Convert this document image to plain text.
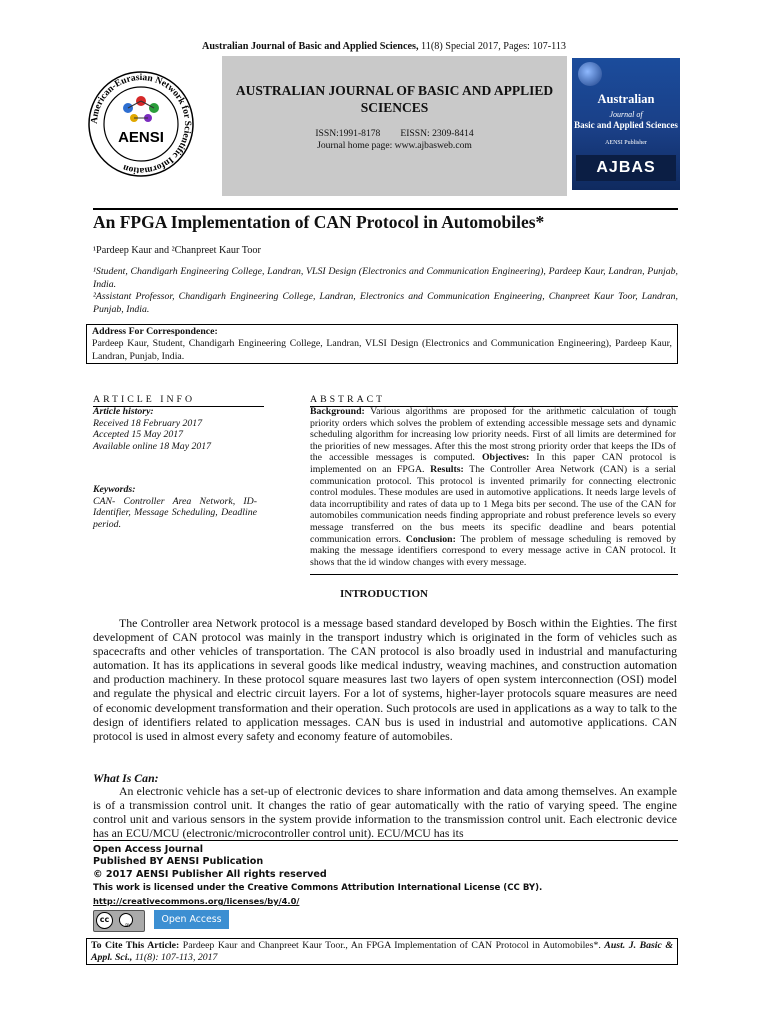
Australian Journal of Basic and Applied Sciences, 11(8) Special 2017, Pages: 107-113
American-Eurasian Network for Scientific Information
AENSI
AUSTRALIAN JOURNAL OF BASIC AND APPLIED SCIENCES
ISSN:1991-8178 EISSN: 2309-8414
Journal home page: www.ajbasweb.com
Australian
Journal of
Basic and Applied Sciences
AENSI Publisher
AJBAS
An FPGA Implementation of CAN Protocol in Automobiles*
¹Pardeep Kaur and ²Chanpreet Kaur Toor
¹Student, Chandigarh Engineering College, Landran, VLSI Design (Electronics and Communication Engineering), Pardeep Kaur, Landran, Punjab, India.
²Assistant Professor, Chandigarh Engineering College, Landran, Electronics and Communication Engineering, Chanpreet Kaur Toor, Landran, Punjab, India.
Address For Correspondence:
Pardeep Kaur, Student, Chandigarh Engineering College, Landran, VLSI Design (Electronics and Communication Engineering), Pardeep Kaur, Landran, Punjab, India.
ARTICLE INFO	ABSTRACT
Article history:
Received 18 February 2017
Accepted 15 May 2017
Available online 18 May 2017
Keywords:
CAN- Controller Area Network, ID-Identifier, Message Scheduling, Deadline period.
Background: Various algorithms are proposed for the arithmetic calculation of tough priority orders which solves the problem of extending accessible message sets and dynamic scheduling algorithm for increasing low priority needs. First of all limits are determined for the priorities of new messages. After this the most strong priority order that keeps the IDs of the accessible messages is computed. Objectives: In this paper CAN protocol is implemented on an FPGA. Results: The Controller Area Network (CAN) is a serial communication protocol. This protocol is invented primarily for connecting electronic control modules. These modules are used in automotive applications. It needs large levels of data incorruptibility and rates of data up to 1 Mega bits per second. The use of the CAN for automobiles communication needs finding appropriate and robust preference levels so every message transferred on the bus meets its specific deadline and bears potential communication errors. Conclusion: The problem of message scheduling is removed by making the message identifiers correspond to every message active in CAN protocol. It shows that the id window changes with every message.
INTRODUCTION
The Controller area Network protocol is a message based standard developed by Bosch within the Eighties. The first development of CAN protocol was mainly in the transport industry which is originated in the form of vehicles such as spacecrafts and other vehicles of transportation. The CAN protocol is also broadly used in industrial and manufacturing automation. It has its applications in several goods like medical industry, weaving machines, and construction automation and production machinery. In these protocol square measures last two layers of open system interconnection (OSI) model and regulate the physical and electric circuit layers. For a lot of systems, higher-layer protocols square measures are need of economic development transformation and their operation. Such protocols are used in applications as a way to talk to the design of identifiers related to application messages. CAN bus is used in industrial and automotive applications. CAN protocol is used in almost every safety and economy feature of automobiles.
What Is Can:
An electronic vehicle has a set-up of electronic devices to share information and data among themselves. An example is of a transmission control unit. It changes the ratio of gear automatically with the ratio of varying speed. The engine control unit and various sensors in the system provide information to the transmission control unit. Each electronic device has an ECU/MCU (electronic/microcontroller control unit). ECU/MCU has its
Open Access Journal
Published BY AENSI Publication
© 2017 AENSI Publisher All rights reserved
This work is licensed under the Creative Commons Attribution International License (CC BY).
http://creativecommons.org/licenses/by/4.0/
cc
BY
Open Access
To Cite This Article: Pardeep Kaur and Chanpreet Kaur Toor., An FPGA Implementation of CAN Protocol in Automobiles*. Aust. J. Basic & Appl. Sci., 11(8): 107-113, 2017
